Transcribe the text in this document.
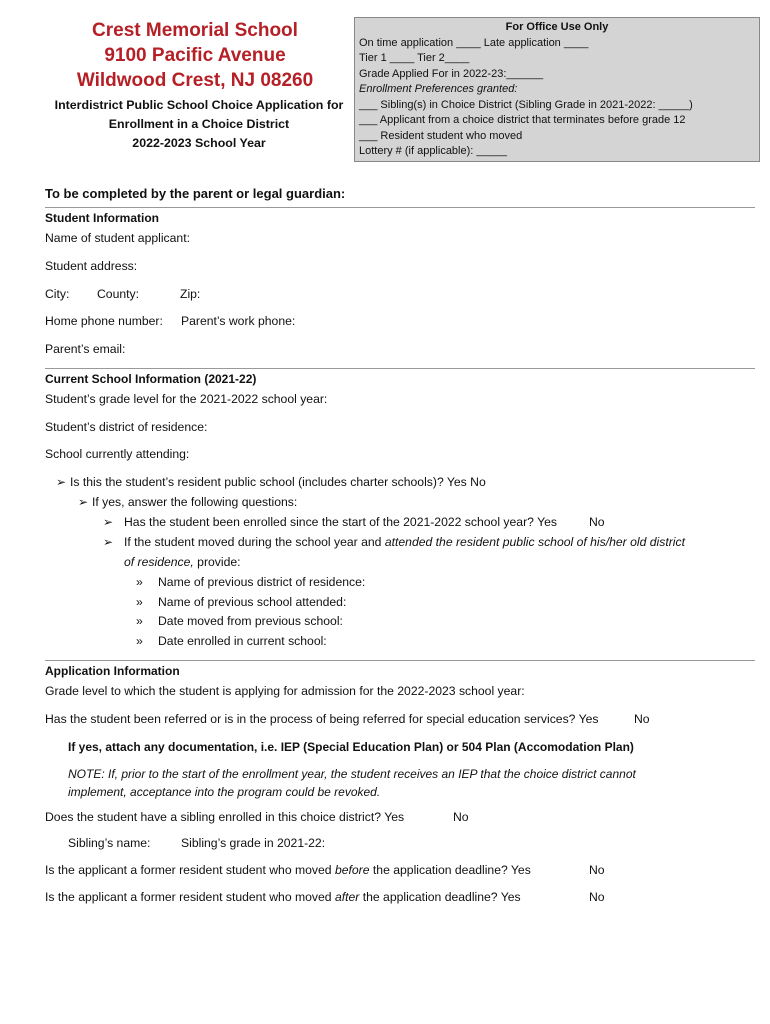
Crest Memorial School
9100 Pacific Avenue
Wildwood Crest, NJ 08260
Interdistrict Public School Choice Application for
Enrollment in a Choice District
2022-2023 School Year
For Office Use Only
On time application ____ Late application ____
Tier 1 ____ Tier 2____
Grade Applied For in 2022-23:______
Enrollment Preferences granted:
___ Sibling(s) in Choice District (Sibling Grade in 2021-2022: _____)
___ Applicant from a choice district that terminates before grade 12
___ Resident student who moved
Lottery # (if applicable): _____
To be completed by the parent or legal guardian:
Student Information
Name of student applicant:
Student address:
City: County:	Zip:
Home phone number: Parent’s work phone:
Parent’s email:
Current School Information (2021-22)
Student’s grade level for the 2021-2022 school year:
Student’s district of residence:
School currently attending:
➢ Is this the student’s resident public school (includes charter schools)? Yes No
➢ If yes, answer the following questions:
➢ Has the student been enrolled since the start of the 2021-2022 school year? Yes	No
➢ If the student moved during the school year and attended the resident public school of his/her old district
of residence, provide:
» Name of previous district of residence:
» Name of previous school attended:
» Date moved from previous school:
» Date enrolled in current school:
Application Information
Grade level to which the student is applying for admission for the 2022-2023 school year:
Has the student been referred or is in the process of being referred for special education services? Yes	No
If yes, attach any documentation, i.e. IEP (Special Education Plan) or 504 Plan (Accomodation Plan)
NOTE: If, prior to the start of the enrollment year, the student receives an IEP that the choice district cannot
implement, acceptance into the program could be revoked.
Does the student have a sibling enrolled in this choice district? Yes	No
Sibling’s name:	Sibling’s grade in 2021-22:
Is the applicant a former resident student who moved before the application deadline? Yes	No
Is the applicant a former resident student who moved after the application deadline? Yes	No
